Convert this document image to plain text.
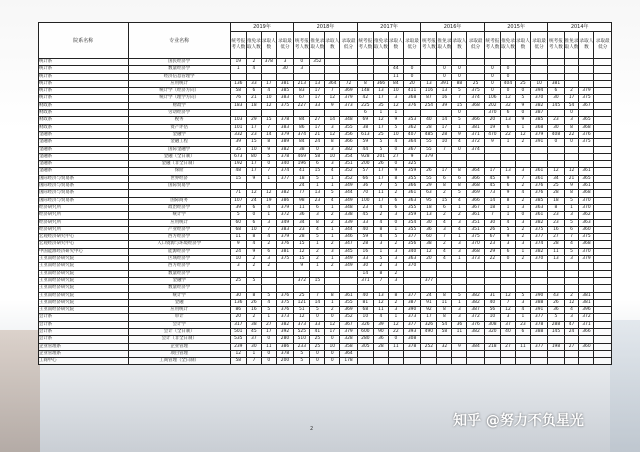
院系名称	专业名称	2019年				2018年				2017年				2016年				2015年				2014年			
		统考报考人数	推免录取人数	录取人数	录取最低分	统考报考人数	推免录取人数	录取人数	录取最低分	统考报考人数	推免录取人数	录取人数	录取最低分	统考报考人数	推免录取人数	录取人数	录取最低分	统考报考人数	推免录取人数	录取人数	录取最低分	统考报考人数	推免录取人数	录取人数	录取最低分
统计系	国民经济学	19	2	378	3	0	352																		
统计系	数量经济学	1	4		30	3						44	0		0	0		0	0						
统计系	经济信息管理学											11	0		0	0		0	0						
统计系	应用统计	136	33	17	381	213	13	364	72	8	366	84	20	13	391	88	25	0	404	25	10	381			
统计系	统计学（经济方向）	58	6	4	385	83	17	7	369	148	13	10	411	116	13	5	375	0	0	0	394	6	2	379	
统计系	统计学（理学方向）	76	21	10	383	67	17	12	379	42	17	3	368	87	16	7	374	106	12	5	370	30	17	375	
财政系	财政学	183	18	12	375	227	33	9	373	225	35	12	376	254	39	15	368	202	32	9	382	145	54	367	
财政系	劳动经济学									6	1	1				0		370	6	0	387		0		
财政系	税务	103	29	15	378	84	27	14	348	69	12	9	353	40	14	5	366	20	13	9	385	23	3	365	
财政系	资产评估	101	17	7	383	86	17	3	355	38	17	5	362	28	17	1	381	19	6	1	368	30	8	368	
金融系	金融学	332	23	14	379	374	21	12	356	613	25	10	407	485	28	9	371	470	22	12	379	408	22	376	
金融系	金融工程	39	15	8	389	84	24	8	366	59	5	4	364	55	10	4	372	9	1	2	391	0	0	375	
金融系	国际金融学	35	10	9	382	38	0	3	382	44	5	0	367	55	7	0	374								
金融系	金融（全日制）	673	80	5	378	469	58	10	354	928	201	27	9	379											
金融系	金融（非全日制）	192	17	0	340	196	6	3	351	200	26	0	325												
金融系	保险	48	17	7	374	41	15	4	352	57	17	9	359	26	17	8	364	17	13	3	361	12	12	361	
国际经济与贸易系	世界经济	15	9	1	377	18	5	1	352	66	17	8	355	55	6	6	366	45	9	7	361	34	21	365	
国际经济与贸易系	国际贸易学					24	1	1	349	36	7	5	366	29	8	8	368	45	6	2	376	25	9	361	
国际经济与贸易系		71	12	12	382	77	13	5	344	70	11	2	361	63	2	5	369	73	9	4	376	28	8	368	
国际经济与贸易系	国际商务	107	24	19	386	98	23	4	349	100	17	6	363	95	15	4	366	14	8	2	385	18	5	370	
经济研究所	政治经济学	39	6	4	379	11	6	1	348	23	4	6	355	18	6	1	367	18	1	3	363	8	1	370	
经济研究所	统计学	5	0	1	372	36	3	2	338	45	2	3	359	13	2	2	361	7	1	0	361	23	3	362	
经济研究所	应用统计	60	6	3	349	34	8	2	339	33	4	0	354	30	4	3	351	30	4	3	382	23	5	363	
经济研究所	产业经济学	68	10	7	383	23	4	1	344	40	8	1	355	36	3	4	351	26	5	2	375	16	6	360	
宏观经济研究中心	西方经济学	11	8	4	379	28	5	1	346	59	4	5	377	60	7	1	375	67	9	2	377	27	7	375	
宏观经济研究中心	人口资源与环境经济学	9	4	2	376	15	1	2	347	28	3	2	356	38	2	3	370	23	3	3	374	28	4	368	
中国能源经济研究中心	能源经济学	24	9	6	381	12	2	3	345	16	1	3	340	12	4	3	368	29	6	1	382	11	5	370	
王亚南经济研究院	区域经济学	10	2	3	375	15	2	1	349	33	5	3	363	20	4	1	373	22	0	2	370	13	3	379	
王亚南经济研究院	西方经济学	3	2	2		9	1	2	349	30	2	3	370												
王亚南经济研究院	数量经济学									14	8	2													
王亚南经济研究院	金融学	25	5			372	15			371	7	3		377											
王亚南经济研究院	数量经济学																								
王亚南经济研究院	统计学	30	8	5	376	25	7	8	361	40	13	8	377	24	8	5	382	31	12	5	390	43	2	381	
王亚南经济研究院	金融	136	26	4	375	121	14	1	355	81	12	2	387	91	11	1	382	40	7	3	388	26	12	381	
王亚南经济研究院	应用统计	86	16	5	376	51	5	2	369	68	11	3	390	92	8	3	387	56	12	4	391	36	4	396	
会计系	审计	20	2	1	373	12	0	0	352	10	4	1	373	17	8	3	372	10	3	1	377	5	3	372	
会计系	会计学	317	38	27	382	373	33	12	367	326	39	12	377	326	54	36	376	308	37	23	378	288	47	371	
会计系	会计（全日制）	501	45	17	392	525	41	17	379	600	90	22	393	490	58	11	382	320	40	6	388	145	24	366	
会计系	会计（非全日制）	535	37	0	280	510	25	0	328	280	36	0	308												
企业管理系	企业管理	239	30	11	386	233	25	10	358	305	28	11	378	252	32	9	384	218	27	11	377	198	27	360	
企业管理系	项目管理	12	1	0	378	5	0	0	364																
工商中心	工商管理（全日制）	58	7	0	200	5	0	0	178																
2	知乎 @努力不负星光
